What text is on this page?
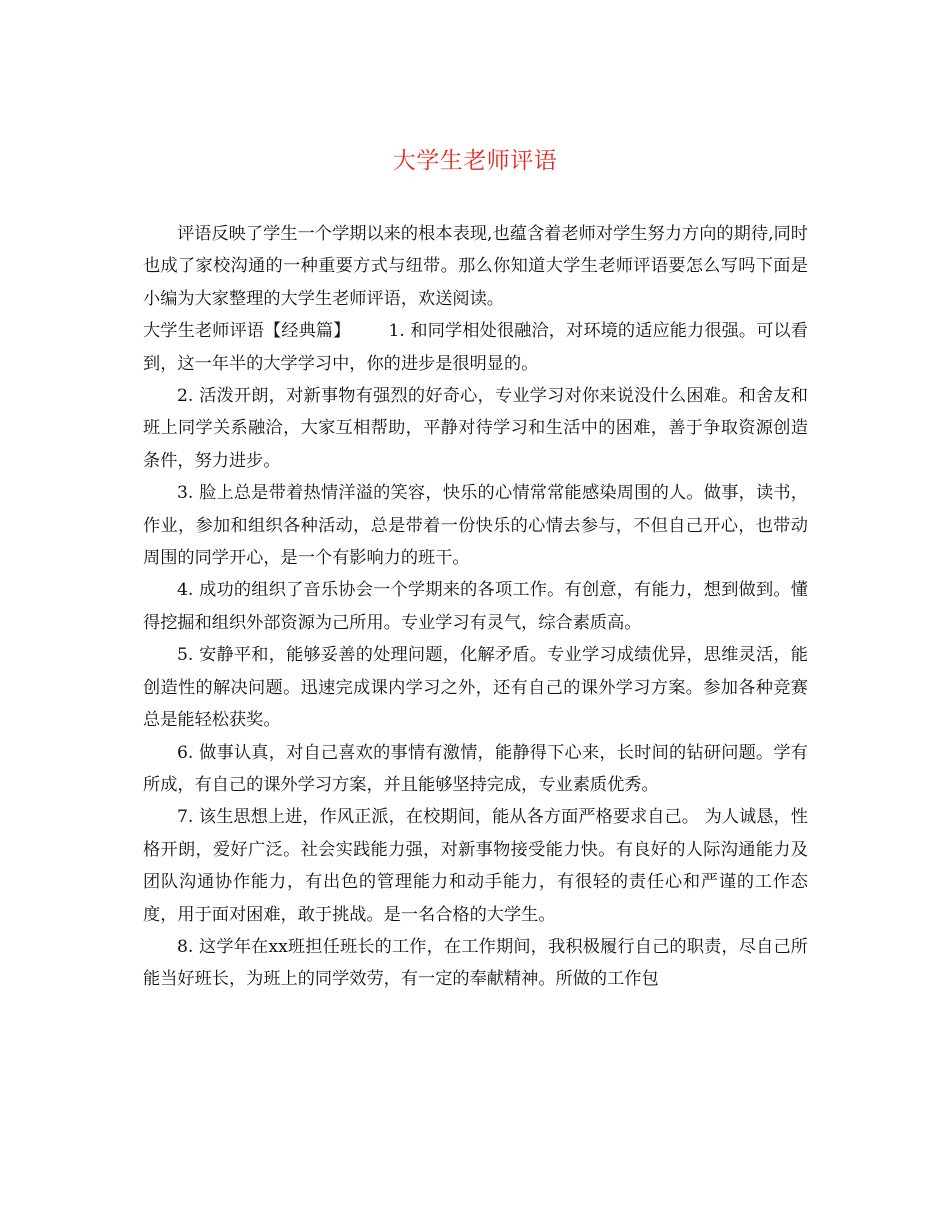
大学生老师评语

评语反映了学生一个学期以来的根本表现,也蕴含着老师对学生努力方向的期待,同时也成了家校沟通的一种重要方式与纽带。那么你知道大学生老师评语要怎么写吗下面是小编为大家整理的大学生老师评语，欢送阅读。

大学生老师评语【经典篇】 1. 和同学相处很融洽，对环境的适应能力很强。可以看到，这一年半的大学学习中，你的进步是很明显的。

2. 活泼开朗，对新事物有强烈的好奇心，专业学习对你来说没什么困难。和舍友和班上同学关系融洽，大家互相帮助，平静对待学习和生活中的困难，善于争取资源创造条件，努力进步。

3. 脸上总是带着热情洋溢的笑容，快乐的心情常常能感染周围的人。做事，读书，作业，参加和组织各种活动，总是带着一份快乐的心情去参与，不但自己开心，也带动周围的同学开心，是一个有影响力的班干。

4. 成功的组织了音乐协会一个学期来的各项工作。有创意，有能力，想到做到。懂得挖掘和组织外部资源为己所用。专业学习有灵气，综合素质高。

5. 安静平和，能够妥善的处理问题，化解矛盾。专业学习成绩优异，思维灵活，能创造性的解决问题。迅速完成课内学习之外，还有自己的课外学习方案。参加各种竞赛总是能轻松获奖。

6. 做事认真，对自己喜欢的事情有激情，能静得下心来，长时间的钻研问题。学有所成，有自己的课外学习方案，并且能够坚持完成，专业素质优秀。

7. 该生思想上进，作风正派，在校期间，能从各方面严格要求自己。 为人诚恳，性格开朗，爱好广泛。社会实践能力强，对新事物接受能力快。有良好的人际沟通能力及团队沟通协作能力，有出色的管理能力和动手能力，有很轻的责任心和严谨的工作态度，用于面对困难，敢于挑战。是一名合格的大学生。

8. 这学年在xx班担任班长的工作，在工作期间，我积极履行自己的职责，尽自己所能当好班长，为班上的同学效劳，有一定的奉献精神。所做的工作包
